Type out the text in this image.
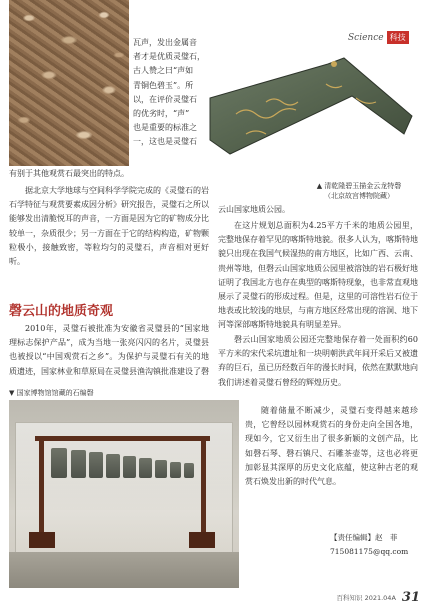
Science 科技
▲ 清乾隆碧玉描金云龙特磬
（北京故宫博物院藏）
瓦声，发出金属音
者才是优质灵璧石，
古人赞之曰“声如
青铜色碧玉”。所
以，在评价灵璧石
的优劣时，“声”
也是重要的标准之
一，这也是灵璧石
有别于其他观赏石最突出的特点。

据北京大学地球与空间科学学院完成的《灵璧石的岩石学特征与观赏要素成因分析》研究报告，灵璧石之所以能够发出清脆悦耳的声音，一方面是因为它的矿物成分比较单一，杂质很少；另一方面在于它的结构构造，矿物颗粒极小，接触致密，等粒均匀的灵璧石，声音相对更好听。

磬云山的地质奇观

2010年，灵璧石被批准为安徽省灵璧县的“国家地理标志保护产品”，成为当地一张亮闪闪的名片，灵璧县也被授以“中国观赏石之乡”。为保护与灵璧石有关的地质遗迹，国家林业和草原局在灵璧县渔沟镇批准建设了磬

▼ 国家博物馆馆藏的石编磬

云山国家地质公园。

在这片规划总面积为4.25平方千米的地质公园里，完整地保存着罕见的喀斯特地貌。很多人认为，喀斯特地貌只出现在我国气候湿热的南方地区，比如广西、云南、贵州等地，但磬云山国家地质公园里被溶蚀的岩石极好地证明了我国北方也存在典型的喀斯特现象，也非常直观地展示了灵璧石的形成过程。但是，这里的可溶性岩石位于地表或比较浅的地层，与南方地区经常出现的溶洞、地下河等深部喀斯特地貌具有明显差异。

磬云山国家地质公园还完整地保存着一处面积约60平方米的宋代采坑遗址和一块明朝洪武年间开采后又被遗弃的巨石，虽已历经数百年的漫长时间，依然在默默地向我们讲述着灵璧石曾经的辉煌历史。

随着储量不断减少，灵璧石变得越来越珍贵，它曾经以园林观赏石的身份走向全国各地，现如今，它又衍生出了很多新颖的文创产品，比如磬石琴、磬石镇尺、石雕茶壶等，这也必将更加彰显其深厚的历史文化底蕴，使这种古老的观赏石焕发出新的时代气息。

【责任编辑】赵　菲
715081175@qq.com
百科知识 2021.04A 31
